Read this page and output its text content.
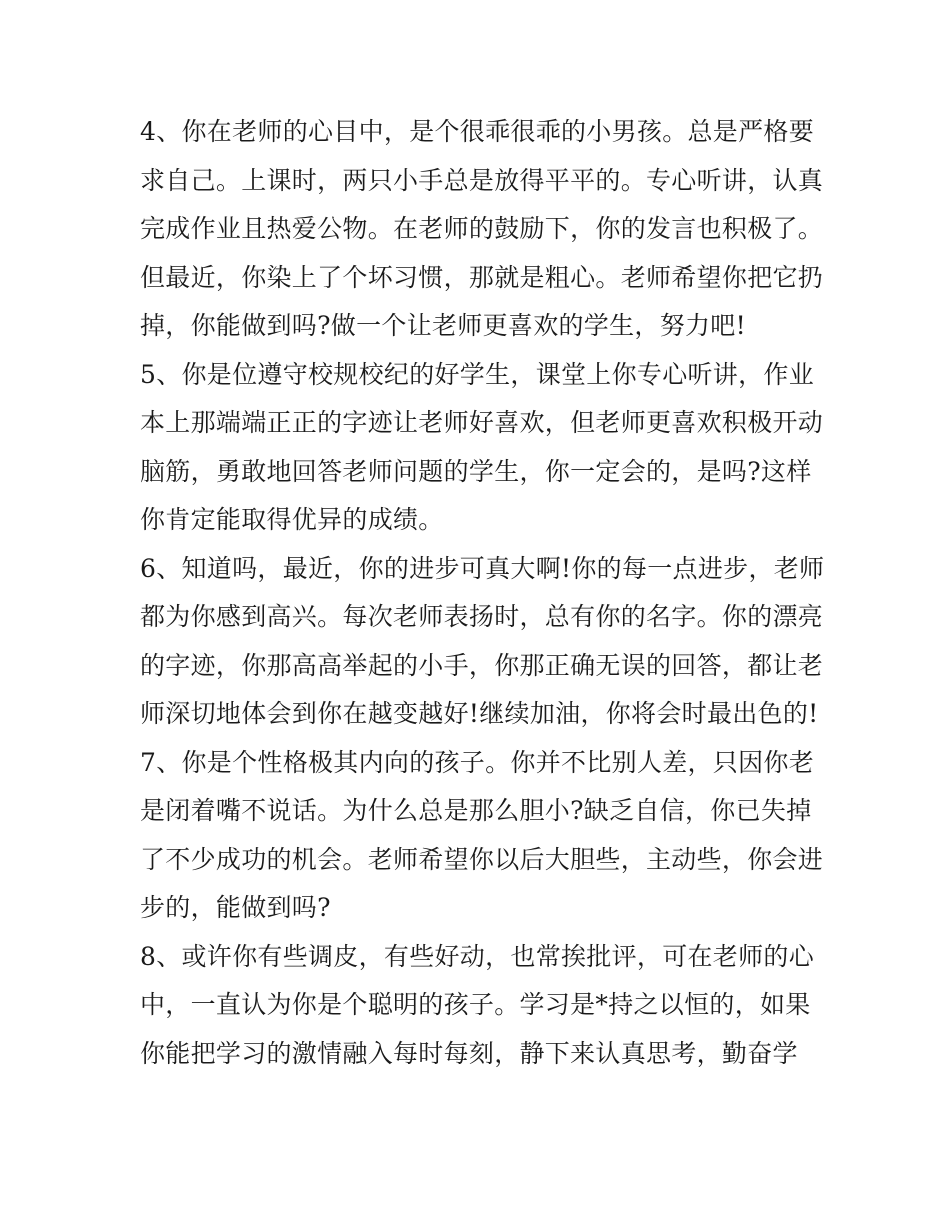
4、你在老师的心目中，是个很乖很乖的小男孩。总是严格要
求自己。上课时，两只小手总是放得平平的。专心听讲，认真
完成作业且热爱公物。在老师的鼓励下，你的发言也积极了。
但最近，你染上了个坏习惯，那就是粗心。老师希望你把它扔
掉，你能做到吗?做一个让老师更喜欢的学生，努力吧!
5、你是位遵守校规校纪的好学生，课堂上你专心听讲，作业
本上那端端正正的字迹让老师好喜欢，但老师更喜欢积极开动
脑筋，勇敢地回答老师问题的学生，你一定会的，是吗?这样
你肯定能取得优异的成绩。
6、知道吗，最近，你的进步可真大啊!你的每一点进步，老师
都为你感到高兴。每次老师表扬时，总有你的名字。你的漂亮
的字迹，你那高高举起的小手，你那正确无误的回答，都让老
师深切地体会到你在越变越好!继续加油，你将会时最出色的!
7、你是个性格极其内向的孩子。你并不比别人差，只因你老
是闭着嘴不说话。为什么总是那么胆小?缺乏自信，你已失掉
了不少成功的机会。老师希望你以后大胆些，主动些，你会进
步的，能做到吗?
8、或许你有些调皮，有些好动，也常挨批评，可在老师的心
中，一直认为你是个聪明的孩子。学习是*持之以恒的，如果
你能把学习的激情融入每时每刻，静下来认真思考，勤奋学
